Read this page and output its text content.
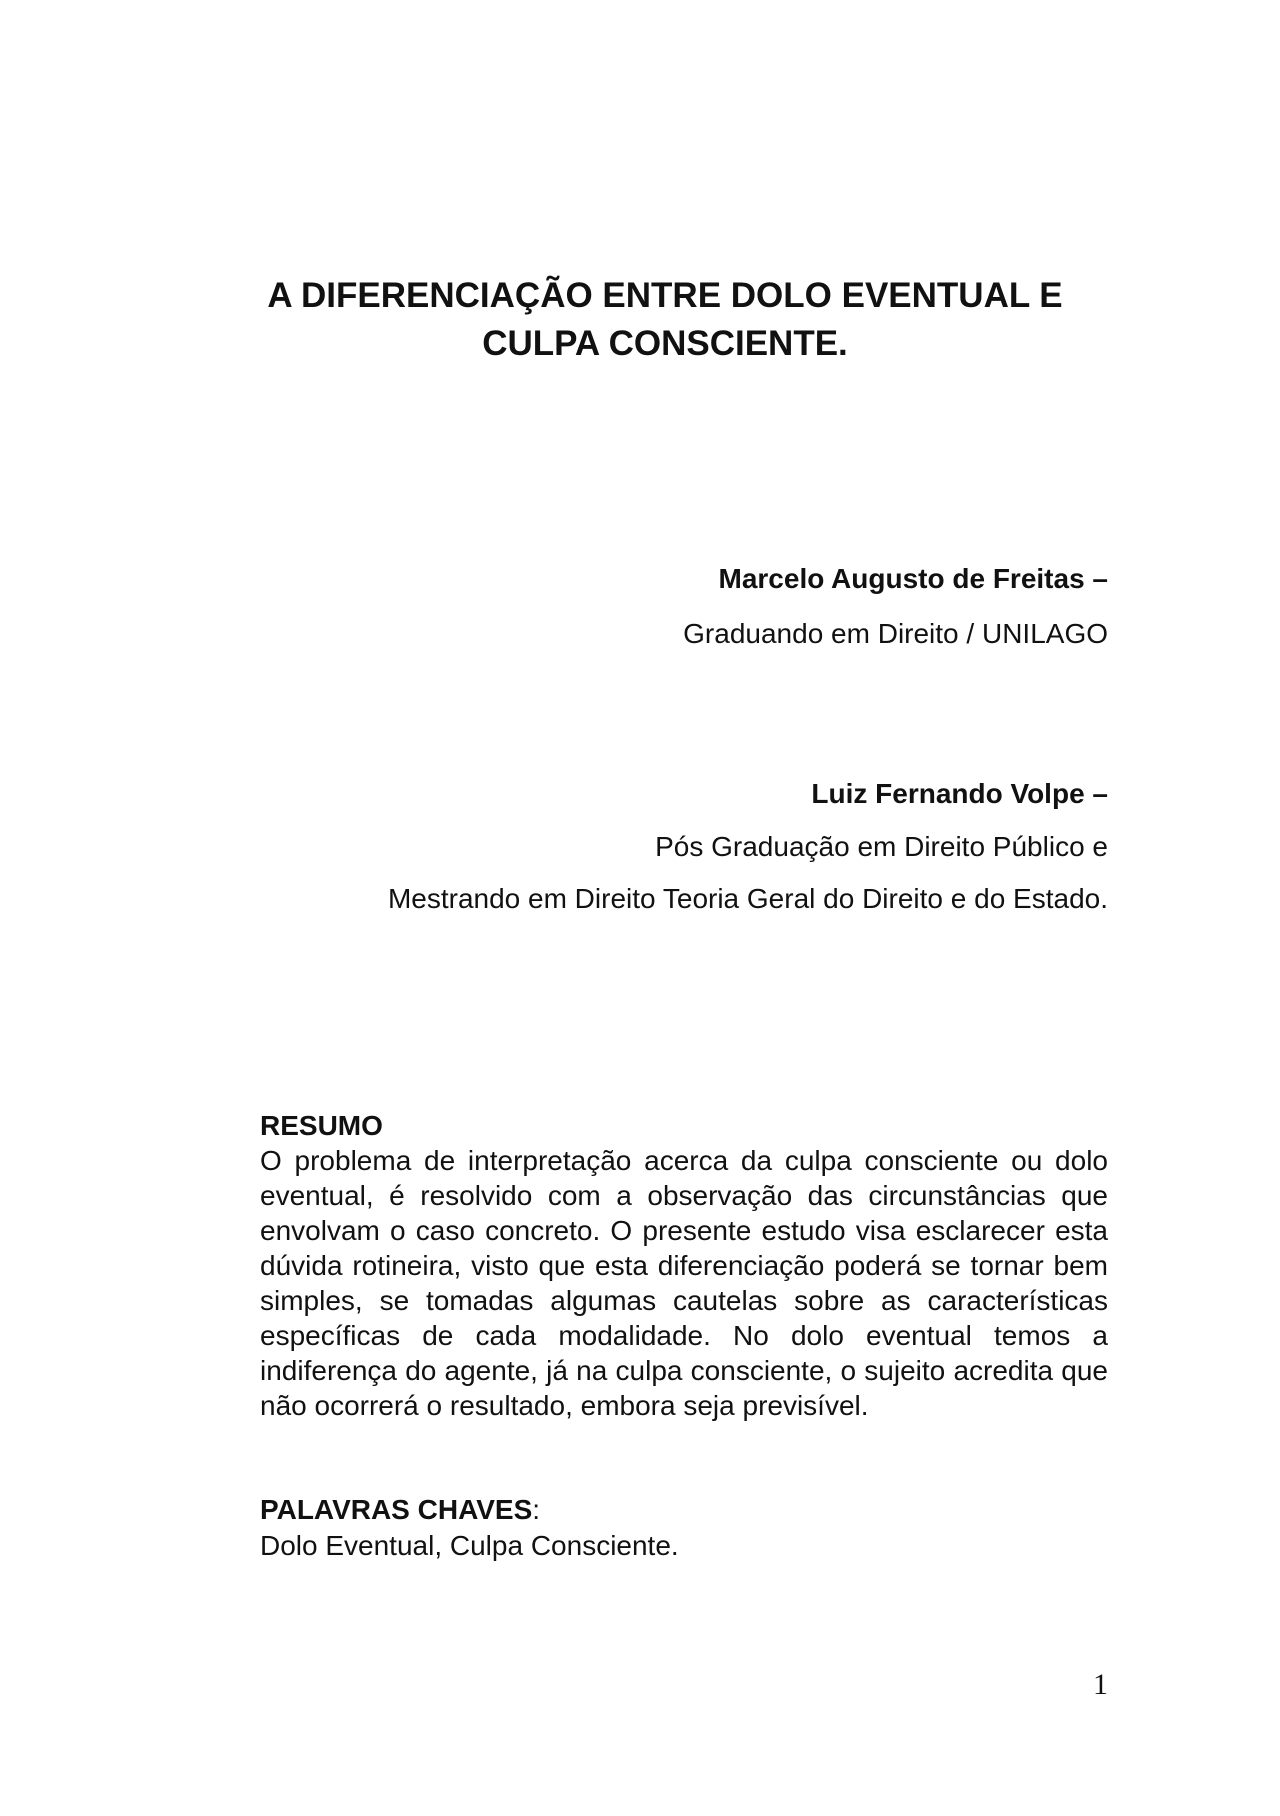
A DIFERENCIAÇÃO ENTRE DOLO EVENTUAL E
CULPA CONSCIENTE.
Marcelo Augusto de Freitas –
Graduando em Direito / UNILAGO
Luiz Fernando Volpe –
Pós Graduação em Direito Público e
Mestrando em Direito Teoria Geral do Direito e do Estado.
RESUMO

O problema de interpretação acerca da culpa consciente ou dolo eventual, é resolvido com a observação das circunstâncias que envolvam o caso concreto. O presente estudo visa esclarecer esta dúvida rotineira, visto que esta diferenciação poderá se tornar bem simples, se tomadas algumas cautelas sobre as características específicas de cada modalidade. No dolo eventual temos a indiferença do agente, já na culpa consciente, o sujeito acredita que não ocorrerá o resultado, embora seja previsível.

PALAVRAS CHAVES:
Dolo Eventual, Culpa Consciente.
1
